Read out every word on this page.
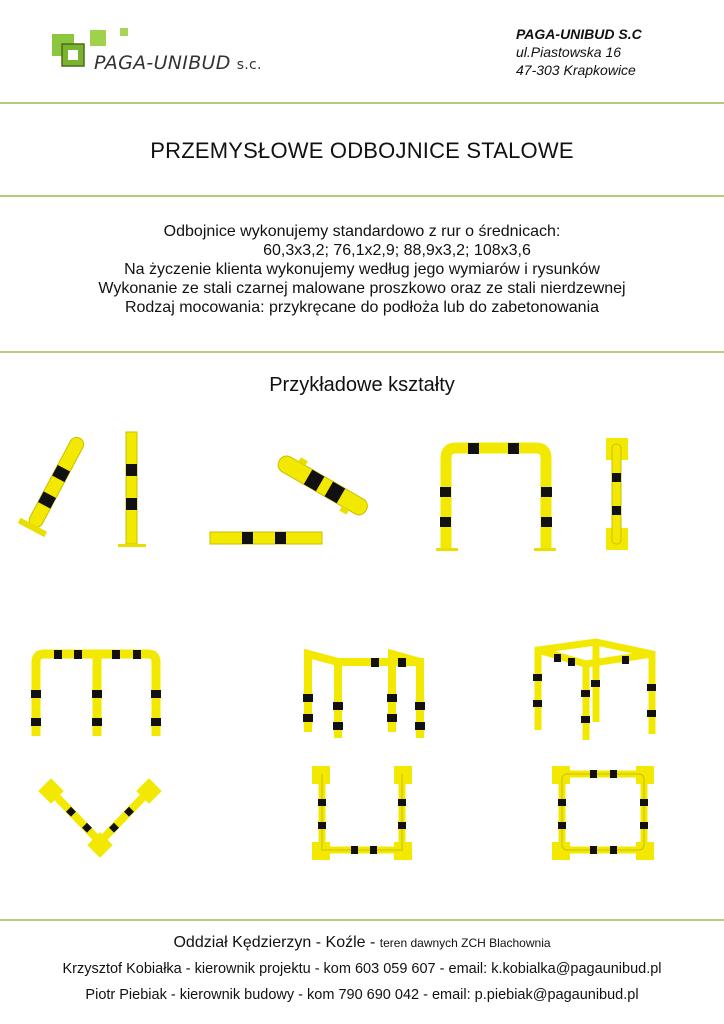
PAGA-UNIBUD s.c.
PAGA-UNIBUD S.C
ul.Piastowska 16
47-303 Krapkowice
PRZEMYSŁOWE ODBOJNICE STALOWE
Odbojnice wykonujemy standardowo z rur o średnicach:
60,3x3,2; 76,1x2,9; 88,9x3,2; 108x3,6
Na życzenie klienta wykonujemy według jego wymiarów i rysunków
Wykonanie ze stali czarnej malowane proszkowo oraz ze stali nierdzewnej
Rodzaj mocowania: przykręcane do podłoża lub do zabetonowania
Przykładowe kształty
Oddział Kędzierzyn - Koźle - teren dawnych ZCH Blachownia
Krzysztof Kobiałka - kierownik projektu - kom 603 059 607 - email: k.kobialka@pagaunibud.pl
Piotr Piebiak - kierownik budowy - kom 790 690 042 - email: p.piebiak@pagaunibud.pl
